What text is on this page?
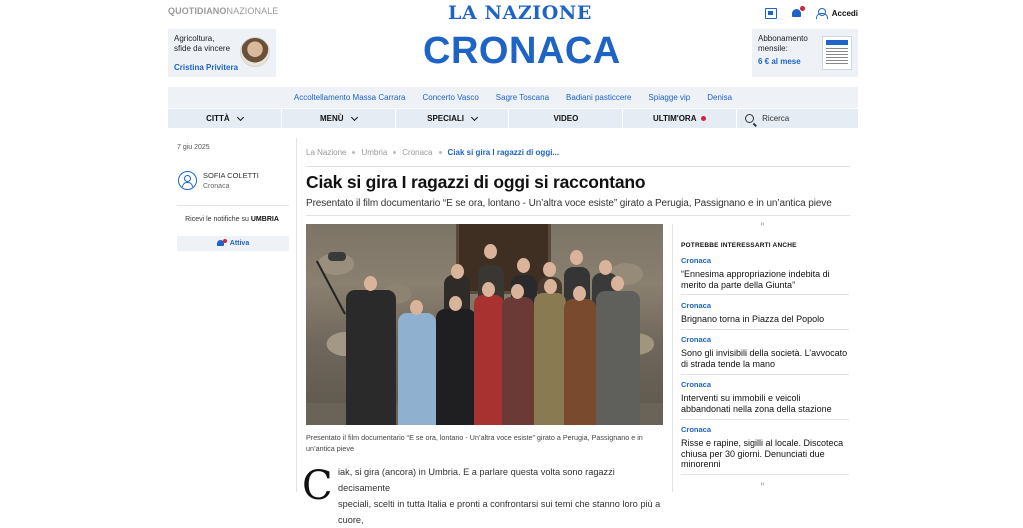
QUOTIDIANONAZIONALE	LA NAZIONE
CRONACA
Agricoltura,
sfide da vincere
Cristina Privitera
Abbonamento
mensile:
6 € al mese
Accedi
Accoltellamento Massa Carrara Concerto Vasco Sagre Toscana Badiani pasticcere Spiagge vip Denisa
CITTÀ	MENÙ	SPECIALI	VIDEO	ULTIM'ORA	Ricerca
7 giu 2025
SOFIA COLETTI
Cronaca
Ricevi le notifiche su UMBRIA
Attiva
La Nazione Umbria Cronaca Ciak si gira I ragazzi di oggi...
Ciak si gira I ragazzi di oggi si raccontano
Presentato il film documentario “E se ora, lontano - Un’altra voce esiste” girato a Perugia, Passignano e in un’antica pieve
Presentato il film documentario “E se ora, lontano - Un’altra voce esiste” girato a Perugia, Passignano e in un’antica pieve
C iak, si gira (ancora) in Umbria. E a parlare questa volta sono ragazzi decisamente
speciali, scelti in tutta Italia e pronti a confrontarsi sui temi che stanno loro più a cuore,
"
POTREBBE INTERESSARTI ANCHE
Cronaca
“Ennesima appropriazione indebita di merito da parte della Giunta”
Cronaca
Brignano torna in Piazza del Popolo
Cronaca
Sono gli invisibili della società. L’avvocato di strada tende la mano
Cronaca
Interventi su immobili e veicoli abbandonati nella zona della stazione
Cronaca
Risse e rapine, sigilli al locale. Discoteca chiusa per 30 giorni. Denunciati due minorenni
"
